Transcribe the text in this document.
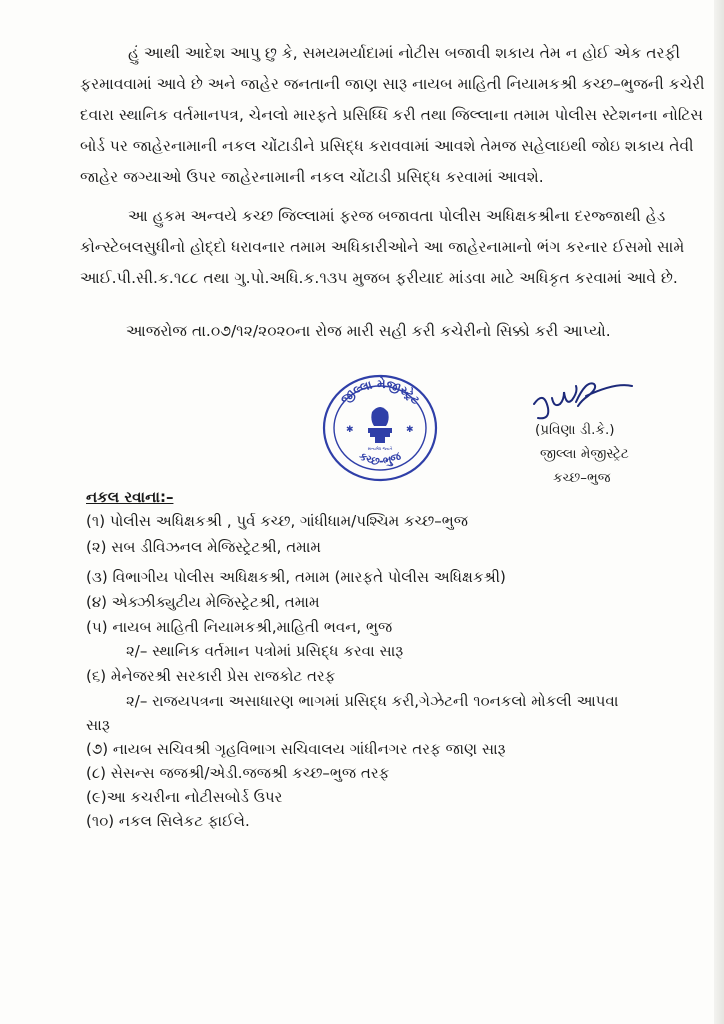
હું આથી આદેશ આપુ છુ કે, સમયમર્યાદામાં નોટીસ બજાવી શકાય તેમ ન હોઈ એક તરફી
ફરમાવવામાં આવે છે અને જાહેર જનતાની જાણ સારૂ નાયબ માહિતી નિયામકશ્રી કચ્છ–ભુજની કચેરી
દવારા સ્થાનિક વર્તમાનપત્ર, ચેનલો મારફતે પ્રસિધ્ધિ કરી તથા જિલ્લાના તમામ પોલીસ સ્ટેશનના નોટિસ
બોર્ડ પર જાહેરનામાની નકલ ચોંટાડીને પ્રસિદ્ધ કરાવવામાં આવશે તેમજ સહેલાઇથી જોઇ શકાય તેવી
જાહેર જગ્યાઓ ઉપર જાહેરનામાની નકલ ચોંટાડી પ્રસિદ્ધ કરવામાં આવશે.
આ હુકમ અન્વયે કચ્છ જિલ્લામાં ફરજ બજાવતા પોલીસ અધિક્ષકશ્રીના દરજ્જાથી હેડ
કોન્સ્ટેબલસુધીનો હોદ્દો ધરાવનાર તમામ અધિકારીઓને આ જાહેરનામાનો ભંગ કરનાર ઈસમો સામે
આઈ.પી.સી.ક.૧૮૮ તથા ગુ.પો.અધિ.ક.૧૩૫ મુજબ ફરીયાદ માંડવા માટે અધિકૃત કરવામાં આવે છે.
આજરોજ તા.૦૭/૧૨/૨૦૨૦ના રોજ મારી સહી કરી કચેરીનો સિક્કો કરી આપ્યો.
જીલ્લા મેજીસ્ટ્રેટ
કચ્છ-ભુજ
સત્યમેવ જયતે
✱	✱	(પ્રવિણા ડી.કે.)
જીલ્લા મેજીસ્ટ્રેટ
કચ્છ–ભુજ
નકલ રવાના:–
(૧) પોલીસ અધિક્ષકશ્રી , પુર્વ કચ્છ, ગાંધીધામ/પશ્ચિમ કચ્છ–ભુજ
(૨) સબ ડીવિઝનલ મેજિસ્ટ્રેટશ્રી, તમામ
(૩) વિભાગીય પોલીસ અધિક્ષકશ્રી, તમામ (મારફતે પોલીસ અધિક્ષકશ્રી)
(૪) એક્ઝીક્યુટીય મેજિસ્ટ્રેટશ્રી, તમામ
(૫) નાયબ માહિતી નિયામકશ્રી,માહિતી ભવન, ભુજ
૨/– સ્થાનિક વર્તમાન પત્રોમાં પ્રસિદ્ધ કરવા સારૂ
(૬) મેનેજરશ્રી સરકારી પ્રેસ રાજકોટ તરફ
૨/– રાજયપત્રના અસાધારણ ભાગમાં પ્રસિદ્ધ કરી,ગેઝેટની ૧૦નકલો મોકલી આપવા
સારૂ
(૭) નાયબ સચિવશ્રી ગૃહવિભાગ સચિવાલય ગાંધીનગર તરફ જાણ સારૂ
(૮) સેસન્સ જજશ્રી/એડી.જજશ્રી કચ્છ–ભુજ તરફ
(૯)આ કચરીના નોટીસબોર્ડ ઉપર
(૧૦) નકલ સિલેકટ ફાઈલે.
